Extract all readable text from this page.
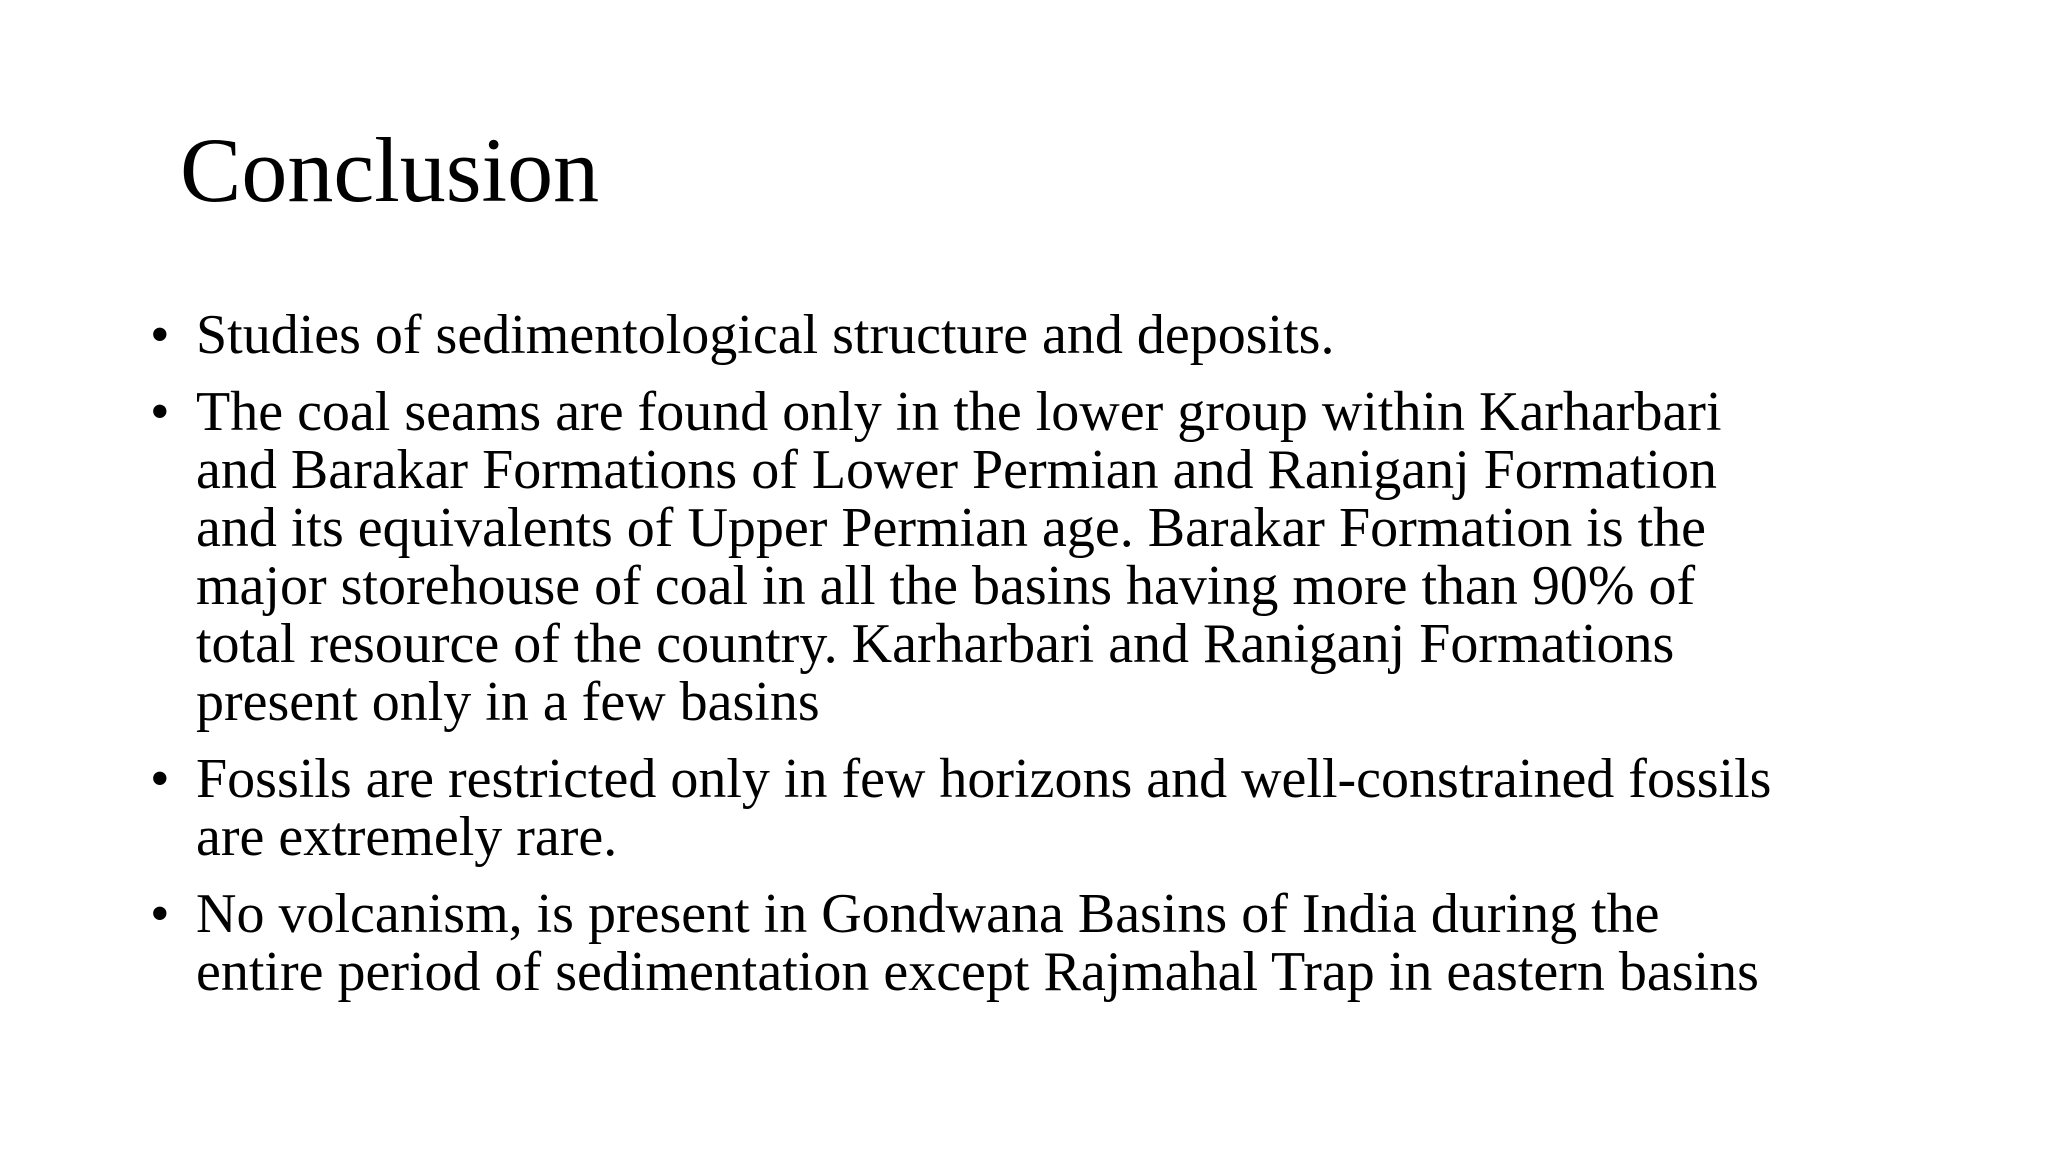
Conclusion
• Studies of sedimentological structure and deposits.
• The coal seams are found only in the lower group within Karharbari
and Barakar Formations of Lower Permian and Raniganj Formation
and its equivalents of Upper Permian age. Barakar Formation is the
major storehouse of coal in all the basins having more than 90% of
total resource of the country. Karharbari and Raniganj Formations
present only in a few basins
• Fossils are restricted only in few horizons and well-constrained fossils
are extremely rare.
• No volcanism, is present in Gondwana Basins of India during the
entire period of sedimentation except Rajmahal Trap in eastern basins
